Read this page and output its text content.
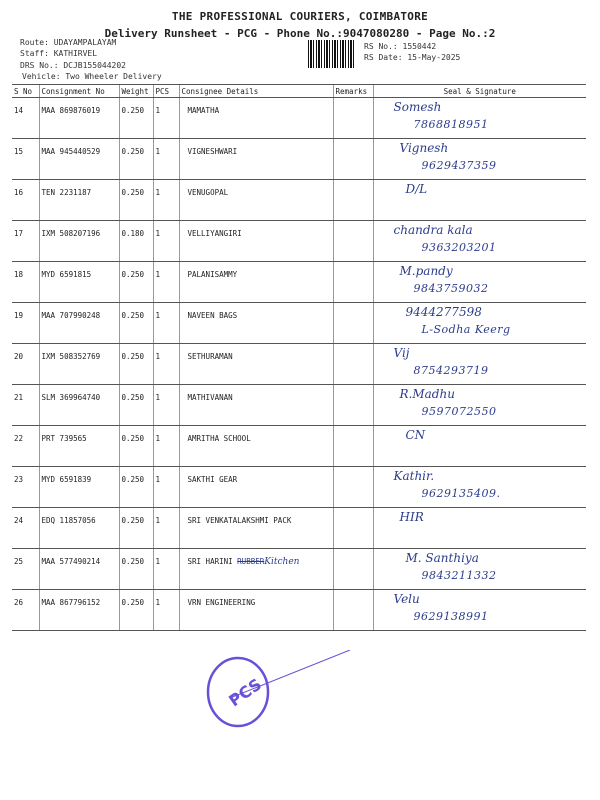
THE PROFESSIONAL COURIERS, COIMBATORE
Delivery Runsheet - PCG - Phone No.:9047080280 - Page No.:2
Route: UDAYAMPALAYAM
Staff: KATHIRVEL
DRS No.: DCJB155044202
Vehicle: Two Wheeler Delivery
RS No.: 1550442
RS Date: 15-May-2025
S No	Consignment No	Weight	PCS	Consignee Details	Remarks	Seal & Signature
14	MAA 869876019	0.250	1	MAMATHA		Somesh
7868818951

15	MAA 945440529	0.250	1	VIGNESHWARI		Vignesh
9629437359

16	TEN 2231187	0.250	1	VENUGOPAL		D/L

17	IXM 508207196	0.180	1	VELLIYANGIRI		chandra kala
9363203201

18	MYD 6591815	0.250	1	PALANISAMMY		M.pandy
9843759032

19	MAA 707990248	0.250	1	NAVEEN BAGS		9444277598
L-Sodha Keerg

20	IXM 508352769	0.250	1	SETHURAMAN		Vij
8754293719

21	SLM 369964740	0.250	1	MATHIVANAN		R.Madhu
9597072550

22	PRT 739565	0.250	1	AMRITHA SCHOOL		CN

23	MYD 6591839	0.250	1	SAKTHI GEAR		Kathir.
9629135409.

24	EDQ 11857056	0.250	1	SRI VENKATALAKSHMI PACK		HIR

25	MAA 577490214	0.250	1	SRI HARINI RUBBERKitchen		M. Santhiya
9843211332

26	MAA 867796152	0.250	1	VRN ENGINEERING		Velu
9629138991
PCS
